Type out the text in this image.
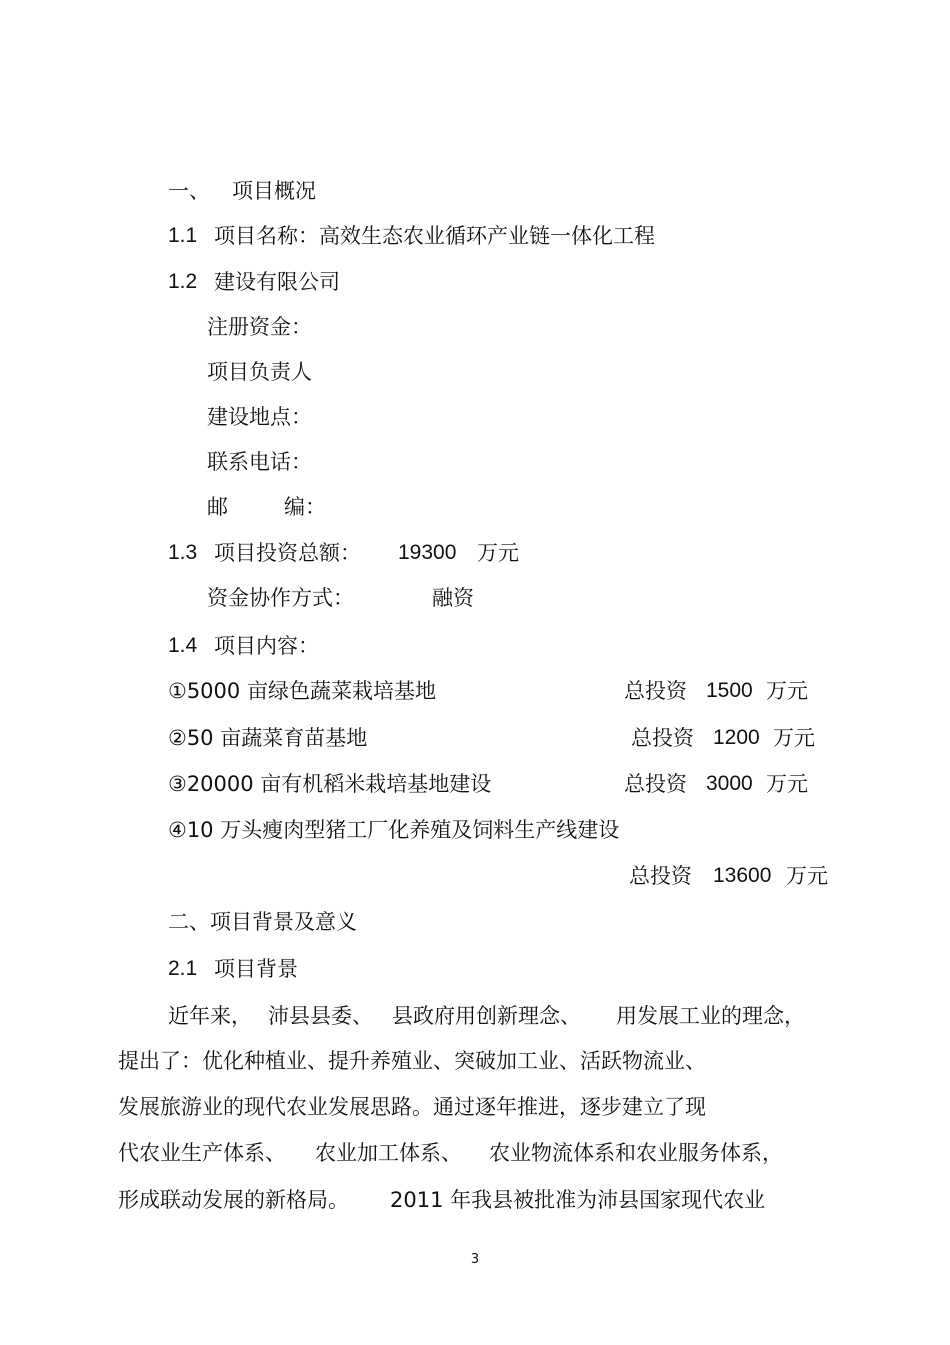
一、 项目概况
1.1 项目名称：高效生态农业循环产业链一体化工程
1.2 建设有限公司
注册资金：
项目负责人
建设地点：
联系电话：
邮	编：
1.3 项目投资总额： 19300 万元
资金协作方式：	融资
1.4 项目内容：
①5000 亩绿色蔬菜栽培基地	总投资 1500 万元
②50 亩蔬菜育苗基地	总投资 1200 万元
③20000 亩有机稻米栽培基地建设	总投资 3000 万元
④10 万头瘦肉型猪工厂化养殖及饲料生产线建设
总投资 13600 万元
二、项目背景及意义
2.1 项目背景
近年来， 沛县县委、 县政府用创新理念、 用发展工业的理念，
提出了：优化种植业、提升养殖业、突破加工业、活跃物流业、
发展旅游业的现代农业发展思路。通过逐年推进，逐步建立了现
代农业生产体系、 农业加工体系、 农业物流体系和农业服务体系，
形成联动发展的新格局。 2011 年我县被批准为沛县国家现代农业
3
